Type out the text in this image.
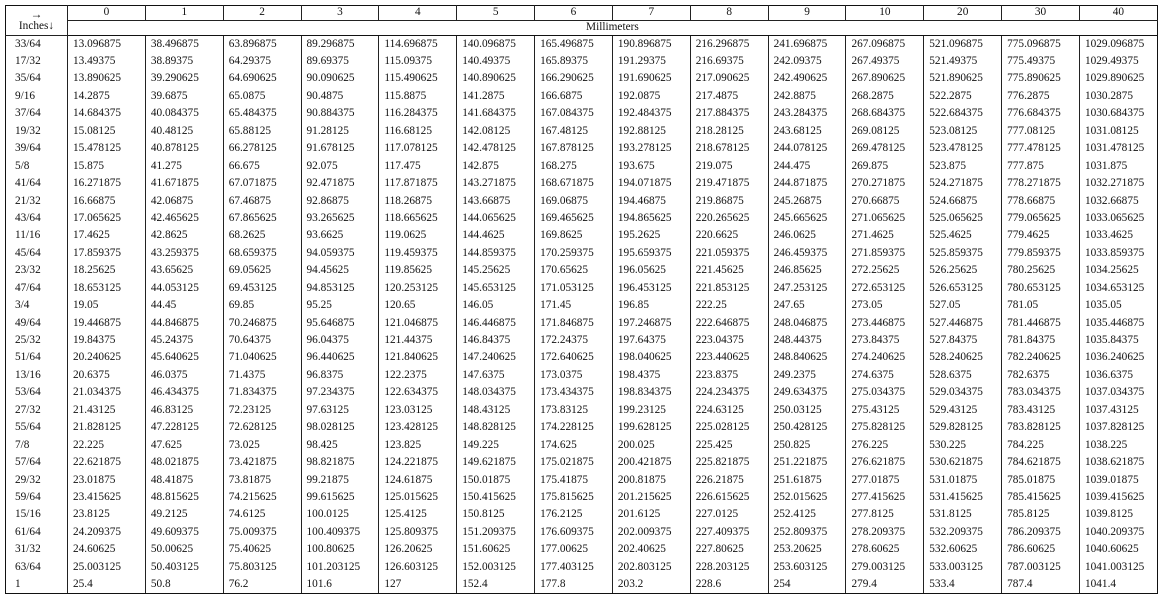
→
Inches↓	0	1	2	3	4	5	6	7	8	9	10	20	30	40
	Millimeters													
33/64	13.096875	38.496875	63.896875	89.296875	114.696875	140.096875	165.496875	190.896875	216.296875	241.696875	267.096875	521.096875	775.096875	1029.096875
17/32	13.49375	38.89375	64.29375	89.69375	115.09375	140.49375	165.89375	191.29375	216.69375	242.09375	267.49375	521.49375	775.49375	1029.49375
35/64	13.890625	39.290625	64.690625	90.090625	115.490625	140.890625	166.290625	191.690625	217.090625	242.490625	267.890625	521.890625	775.890625	1029.890625
9/16	14.2875	39.6875	65.0875	90.4875	115.8875	141.2875	166.6875	192.0875	217.4875	242.8875	268.2875	522.2875	776.2875	1030.2875
37/64	14.684375	40.084375	65.484375	90.884375	116.284375	141.684375	167.084375	192.484375	217.884375	243.284375	268.684375	522.684375	776.684375	1030.684375
19/32	15.08125	40.48125	65.88125	91.28125	116.68125	142.08125	167.48125	192.88125	218.28125	243.68125	269.08125	523.08125	777.08125	1031.08125
39/64	15.478125	40.878125	66.278125	91.678125	117.078125	142.478125	167.878125	193.278125	218.678125	244.078125	269.478125	523.478125	777.478125	1031.478125
5/8	15.875	41.275	66.675	92.075	117.475	142.875	168.275	193.675	219.075	244.475	269.875	523.875	777.875	1031.875
41/64	16.271875	41.671875	67.071875	92.471875	117.871875	143.271875	168.671875	194.071875	219.471875	244.871875	270.271875	524.271875	778.271875	1032.271875
21/32	16.66875	42.06875	67.46875	92.86875	118.26875	143.66875	169.06875	194.46875	219.86875	245.26875	270.66875	524.66875	778.66875	1032.66875
43/64	17.065625	42.465625	67.865625	93.265625	118.665625	144.065625	169.465625	194.865625	220.265625	245.665625	271.065625	525.065625	779.065625	1033.065625
11/16	17.4625	42.8625	68.2625	93.6625	119.0625	144.4625	169.8625	195.2625	220.6625	246.0625	271.4625	525.4625	779.4625	1033.4625
45/64	17.859375	43.259375	68.659375	94.059375	119.459375	144.859375	170.259375	195.659375	221.059375	246.459375	271.859375	525.859375	779.859375	1033.859375
23/32	18.25625	43.65625	69.05625	94.45625	119.85625	145.25625	170.65625	196.05625	221.45625	246.85625	272.25625	526.25625	780.25625	1034.25625
47/64	18.653125	44.053125	69.453125	94.853125	120.253125	145.653125	171.053125	196.453125	221.853125	247.253125	272.653125	526.653125	780.653125	1034.653125
3/4	19.05	44.45	69.85	95.25	120.65	146.05	171.45	196.85	222.25	247.65	273.05	527.05	781.05	1035.05
49/64	19.446875	44.846875	70.246875	95.646875	121.046875	146.446875	171.846875	197.246875	222.646875	248.046875	273.446875	527.446875	781.446875	1035.446875
25/32	19.84375	45.24375	70.64375	96.04375	121.44375	146.84375	172.24375	197.64375	223.04375	248.44375	273.84375	527.84375	781.84375	1035.84375
51/64	20.240625	45.640625	71.040625	96.440625	121.840625	147.240625	172.640625	198.040625	223.440625	248.840625	274.240625	528.240625	782.240625	1036.240625
13/16	20.6375	46.0375	71.4375	96.8375	122.2375	147.6375	173.0375	198.4375	223.8375	249.2375	274.6375	528.6375	782.6375	1036.6375
53/64	21.034375	46.434375	71.834375	97.234375	122.634375	148.034375	173.434375	198.834375	224.234375	249.634375	275.034375	529.034375	783.034375	1037.034375
27/32	21.43125	46.83125	72.23125	97.63125	123.03125	148.43125	173.83125	199.23125	224.63125	250.03125	275.43125	529.43125	783.43125	1037.43125
55/64	21.828125	47.228125	72.628125	98.028125	123.428125	148.828125	174.228125	199.628125	225.028125	250.428125	275.828125	529.828125	783.828125	1037.828125
7/8	22.225	47.625	73.025	98.425	123.825	149.225	174.625	200.025	225.425	250.825	276.225	530.225	784.225	1038.225
57/64	22.621875	48.021875	73.421875	98.821875	124.221875	149.621875	175.021875	200.421875	225.821875	251.221875	276.621875	530.621875	784.621875	1038.621875
29/32	23.01875	48.41875	73.81875	99.21875	124.61875	150.01875	175.41875	200.81875	226.21875	251.61875	277.01875	531.01875	785.01875	1039.01875
59/64	23.415625	48.815625	74.215625	99.615625	125.015625	150.415625	175.815625	201.215625	226.615625	252.015625	277.415625	531.415625	785.415625	1039.415625
15/16	23.8125	49.2125	74.6125	100.0125	125.4125	150.8125	176.2125	201.6125	227.0125	252.4125	277.8125	531.8125	785.8125	1039.8125
61/64	24.209375	49.609375	75.009375	100.409375	125.809375	151.209375	176.609375	202.009375	227.409375	252.809375	278.209375	532.209375	786.209375	1040.209375
31/32	24.60625	50.00625	75.40625	100.80625	126.20625	151.60625	177.00625	202.40625	227.80625	253.20625	278.60625	532.60625	786.60625	1040.60625
63/64	25.003125	50.403125	75.803125	101.203125	126.603125	152.003125	177.403125	202.803125	228.203125	253.603125	279.003125	533.003125	787.003125	1041.003125
1	25.4	50.8	76.2	101.6	127	152.4	177.8	203.2	228.6	254	279.4	533.4	787.4	1041.4
